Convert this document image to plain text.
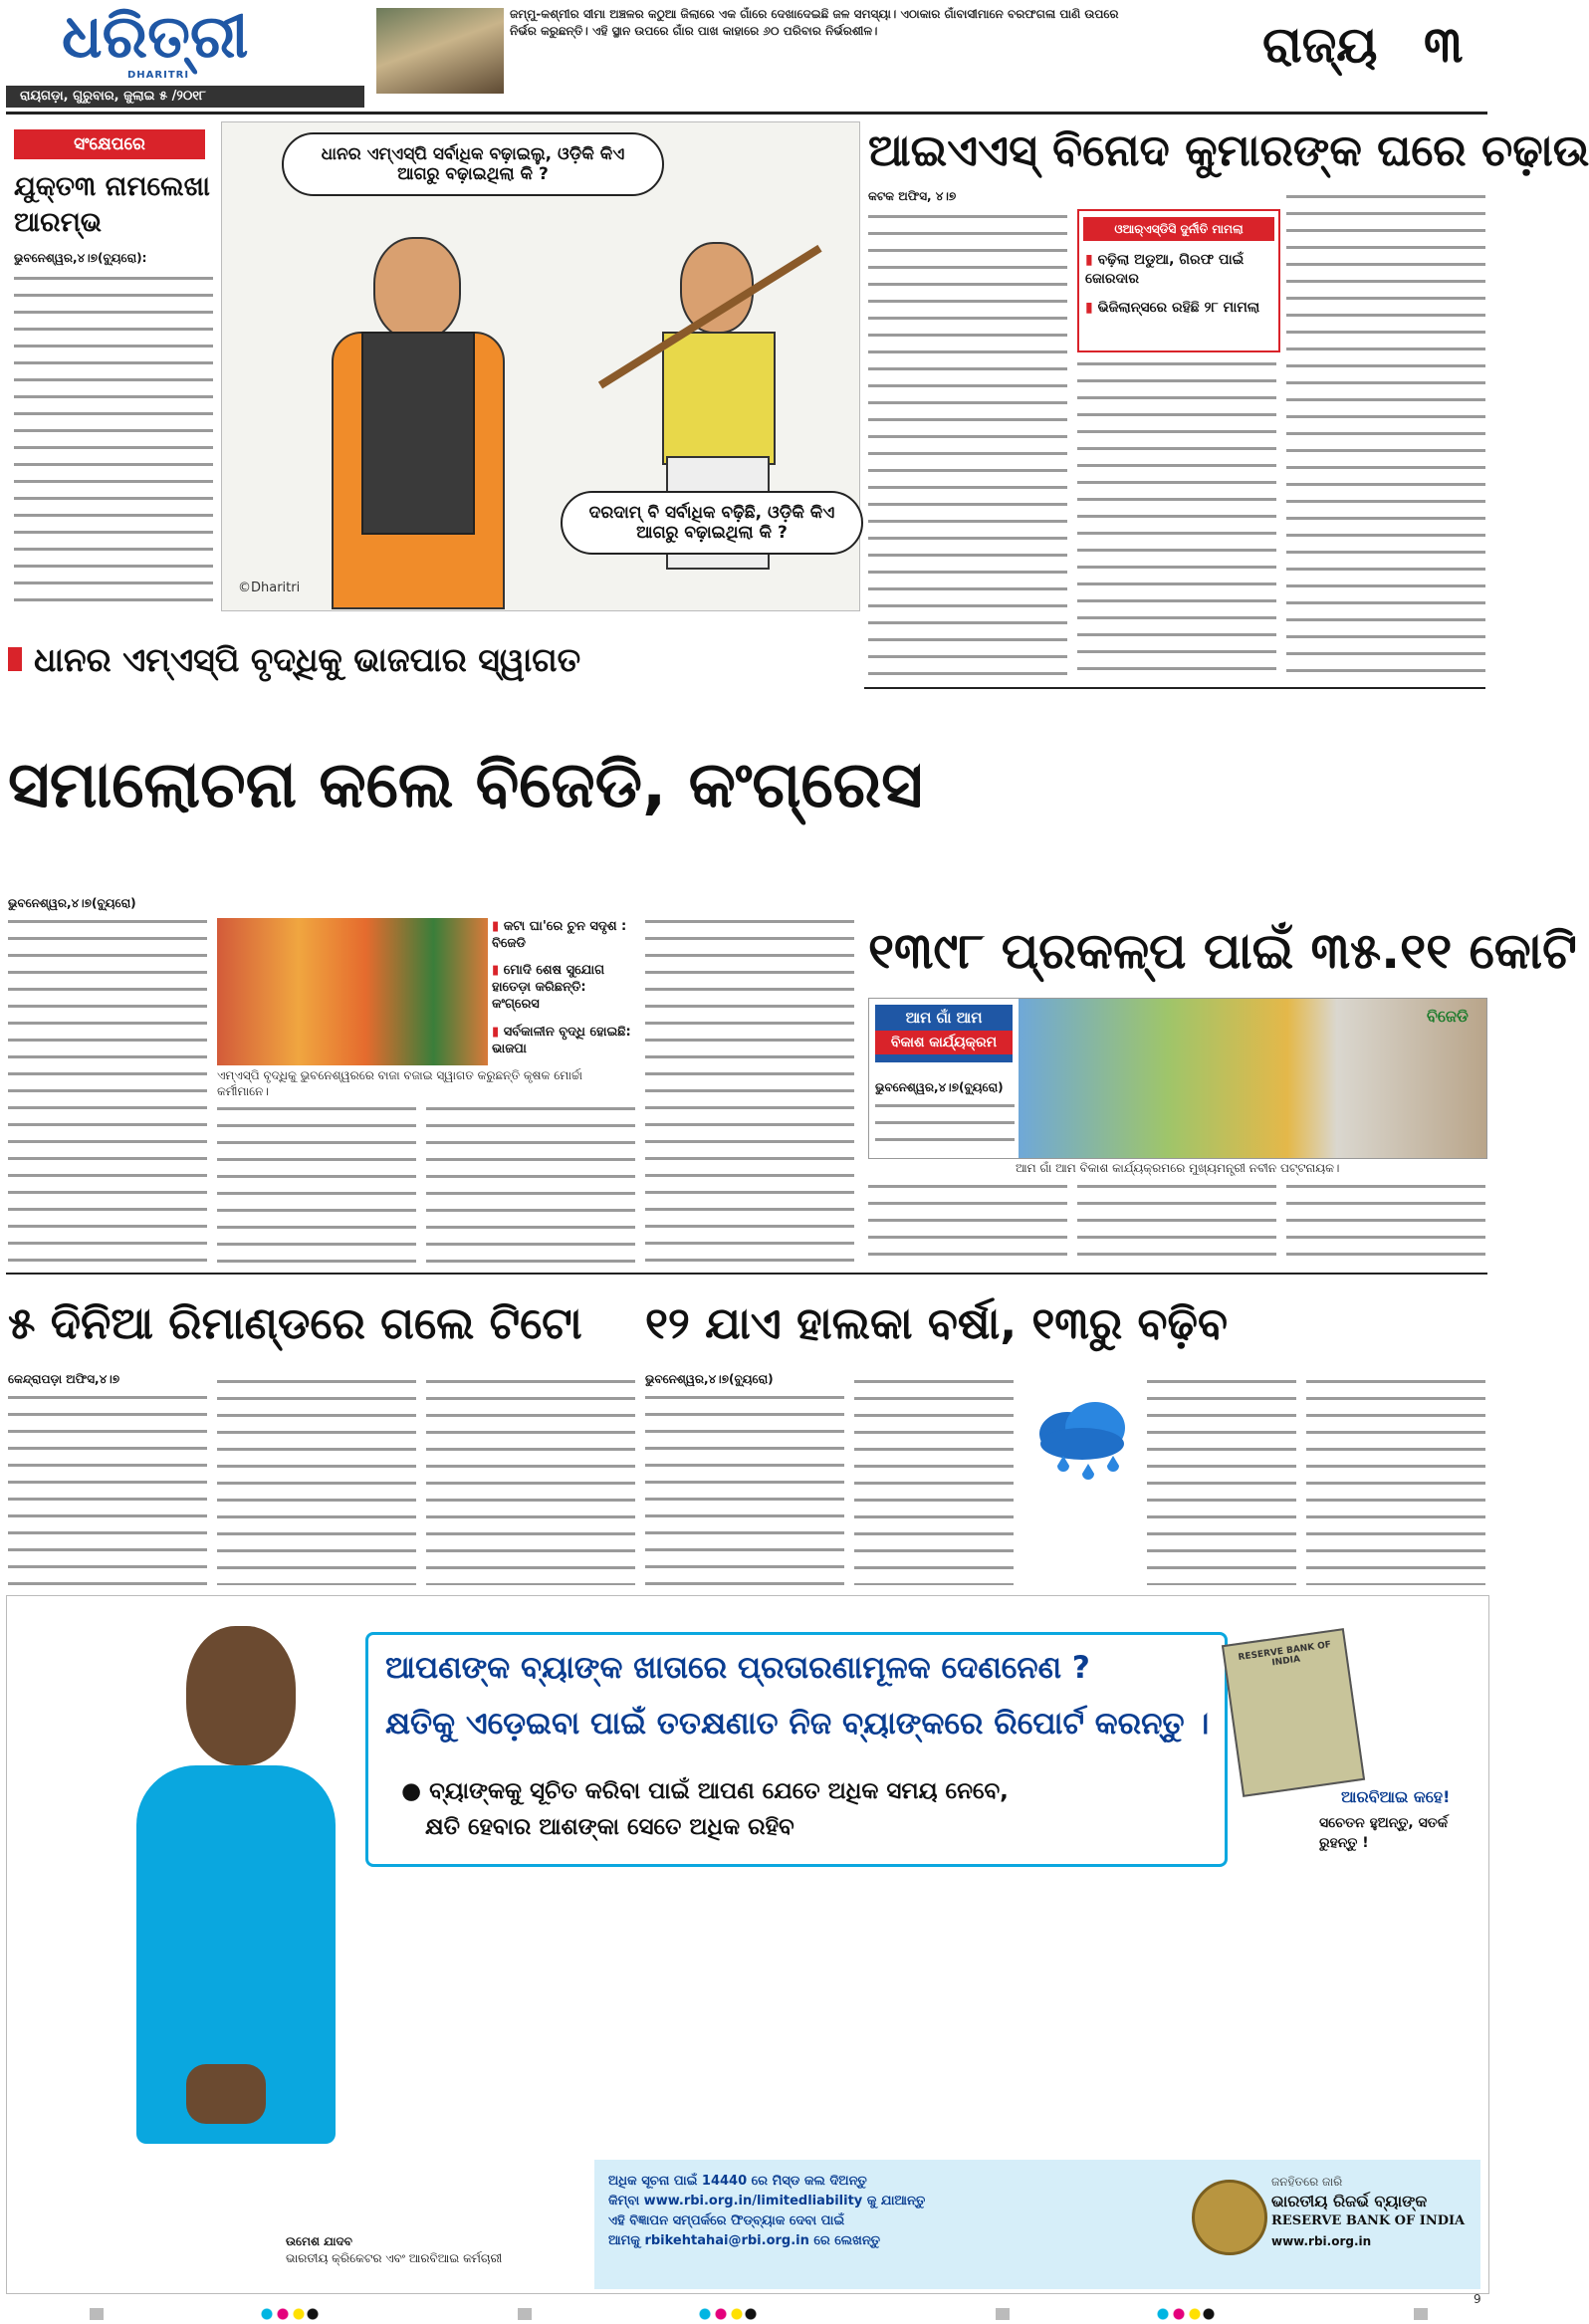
ଧରିତ୍ରୀ
DHARITRI
ରାୟଗଡ଼ା, ଗୁରୁବାର, ଜୁଲାଇ ୫ /୨୦୧୮
ଜମ୍ମୁ-କଶ୍ମୀର ସୀମା ଅଞ୍ଚଳର କଠୁଆ ଜିଲାରେ ଏକ ଗାଁରେ ଦେଖାଦେଇଛି ଜଳ ସମସ୍ୟା। ଏଠାକାର ଗାଁବାସୀମାନେ ବରଫଗଳା ପାଣି ଉପରେ ନିର୍ଭର କରୁଛନ୍ତି। ଏହି ସ୍ଥାନ ଉପରେ ଗାଁର ପାଖ କାହାରେ ୬୦ ପରିବାର ନିର୍ଭରଶୀଳ।	ରାଜ୍ୟ ୩
ସଂକ୍ଷେପରେ
ଯୁକ୍ତ୩ ନାମଲେଖା ଆରମ୍ଭ
ଭୁବନେଶ୍ୱର,୪।୭(ବ୍ୟୁରୋ):
ଧାନର ଏମ୍‌ଏସ୍‌ପି ସର୍ବାଧିକ ବଢ଼ାଇଲୁ, ଓଡ଼ିକି କିଏ ଆଗରୁ ବଢ଼ାଇଥିଲା କି ?
ଦରଦାମ୍ ବି ସର୍ବାଧିକ ବଢ଼ିଛି, ଓଡ଼ିକି କିଏ ଆଗରୁ ବଢ଼ାଇଥିଲା କି ?
©Dharitri
ଆଇଏଏସ୍ ବିନୋଦ କୁମାରଙ୍କ ଘରେ ଚଢ଼ାଉ
କଟକ ଅଫିସ, ୪।୭
ଓଆର୍‌ଏସ୍‌ଡିସି ଦୁର୍ନୀତି ମାମଲା
▮ ବଢ଼ିଲା ଅଡୁଆ, ଗିରଫ ପାଇଁ ଜୋରଦାର
▮ ଭିଜିଲାନ୍ସରେ ରହିଛି ୨୮ ମାମଲା
ଧାନର ଏମ୍‌ଏସ୍‌ପି ବୃଦ୍ଧିକୁ ଭାଜପାର ସ୍ୱାଗତ
ସମାଲୋଚନା କଲେ ବିଜେଡି, କଂଗ୍ରେସ
ଭୁବନେଶ୍ୱର,୪।୭(ବ୍ୟୁରୋ)
ଏମ୍‌ଏସ୍‌ପି ବୃଦ୍ଧିକୁ ଭୁବନେଶ୍ୱରରେ ବାଜା ବଜାଇ ସ୍ୱାଗତ କରୁଛନ୍ତି କୃଷକ ମୋର୍ଚ୍ଚା କର୍ମୀମାନେ।
▮ କଟା ଘା'ରେ ଚୁନ ସଦୃଶ : ବିଜେଡି
▮ ମୋଦି ଶେଷ ସୁଯୋଗ ହାତେଡ଼ା କରିଛନ୍ତି: କଂଗ୍ରେସ
▮ ସର୍ବକାଳୀନ ବୃଦ୍ଧି ହୋଇଛି: ଭାଜପା
୧୩୯୮ ପ୍ରକଳ୍ପ ପାଇଁ ୩୫.୧୧ କୋଟି
ଆମ ଗାଁ ଆମ
ବିକାଶ କାର୍ଯ୍ୟକ୍ରମ
ବିଜେଡି
ଭୁବନେଶ୍ୱର,୪।୭(ବ୍ୟୁରୋ)
ଆମ ଗାଁ ଆମ ବିକାଶ କାର୍ଯ୍ୟକ୍ରମରେ ମୁଖ୍ୟମନ୍ତ୍ରୀ ନବୀନ ପଟ୍ଟନାୟକ।
୫ ଦିନିଆ ରିମାଣ୍ଡରେ ଗଲେ ଟିଟୋ
କେନ୍ଦ୍ରାପଡ଼ା ଅଫିସ,୪।୭
୧୨ ଯାଏ ହାଲକା ବର୍ଷା, ୧୩ରୁ ବଢ଼ିବ
ଭୁବନେଶ୍ୱର,୪।୭(ବ୍ୟୁରୋ)
ଆପଣଙ୍କ ବ୍ୟାଙ୍କ ଖାତାରେ ପ୍ରତାରଣାମୂଳକ ଦେଣନେଣ ?
କ୍ଷତିକୁ ଏଡ଼େଇବା ପାଇଁ ତତକ୍ଷଣାତ ନିଜ ବ୍ୟାଙ୍କରେ ରିପୋର୍ଟ କରନ୍ତୁ ।
● ବ୍ୟାଙ୍କକୁ ସୂଚିତ କରିବା ପାଇଁ ଆପଣ ଯେତେ ଅଧିକ ସମୟ ନେବେ,
କ୍ଷତି ହେବାର ଆଶଙ୍କା ସେତେ ଅଧିକ ରହିବ
RESERVE BANK OF INDIA
ଆରବିଆଇ କହେ!
ସଚେତନ ହୁଅନ୍ତୁ, ସତର୍କ ରୁହନ୍ତୁ !
ଅଧିକ ସୂଚନା ପାଇଁ 14440 ରେ ମିସ୍ଡ କଲ ଦିଅନ୍ତୁ
କିମ୍ବା www.rbi.org.in/limitedliability କୁ ଯାଆନ୍ତୁ
ଏହି ବିଜ୍ଞାପନ ସମ୍ପର୍କରେ ଫିଡ୍‌ବ୍ୟାକ ଦେବା ପାଇଁ
ଆମକୁ rbikehtahai@rbi.org.in ରେ ଲେଖନ୍ତୁ
ଜନହିତରେ ଜାରି
ଭାରତୀୟ ରିଜର୍ଭ ବ୍ୟାଙ୍କ
RESERVE BANK OF INDIA
www.rbi.org.in
ଉମେଶ ଯାଦବ
ଭାରତୀୟ କ୍ରିକେଟର ଏବଂ ଆରବିଆଇ କର୍ମଚାରୀ
9
